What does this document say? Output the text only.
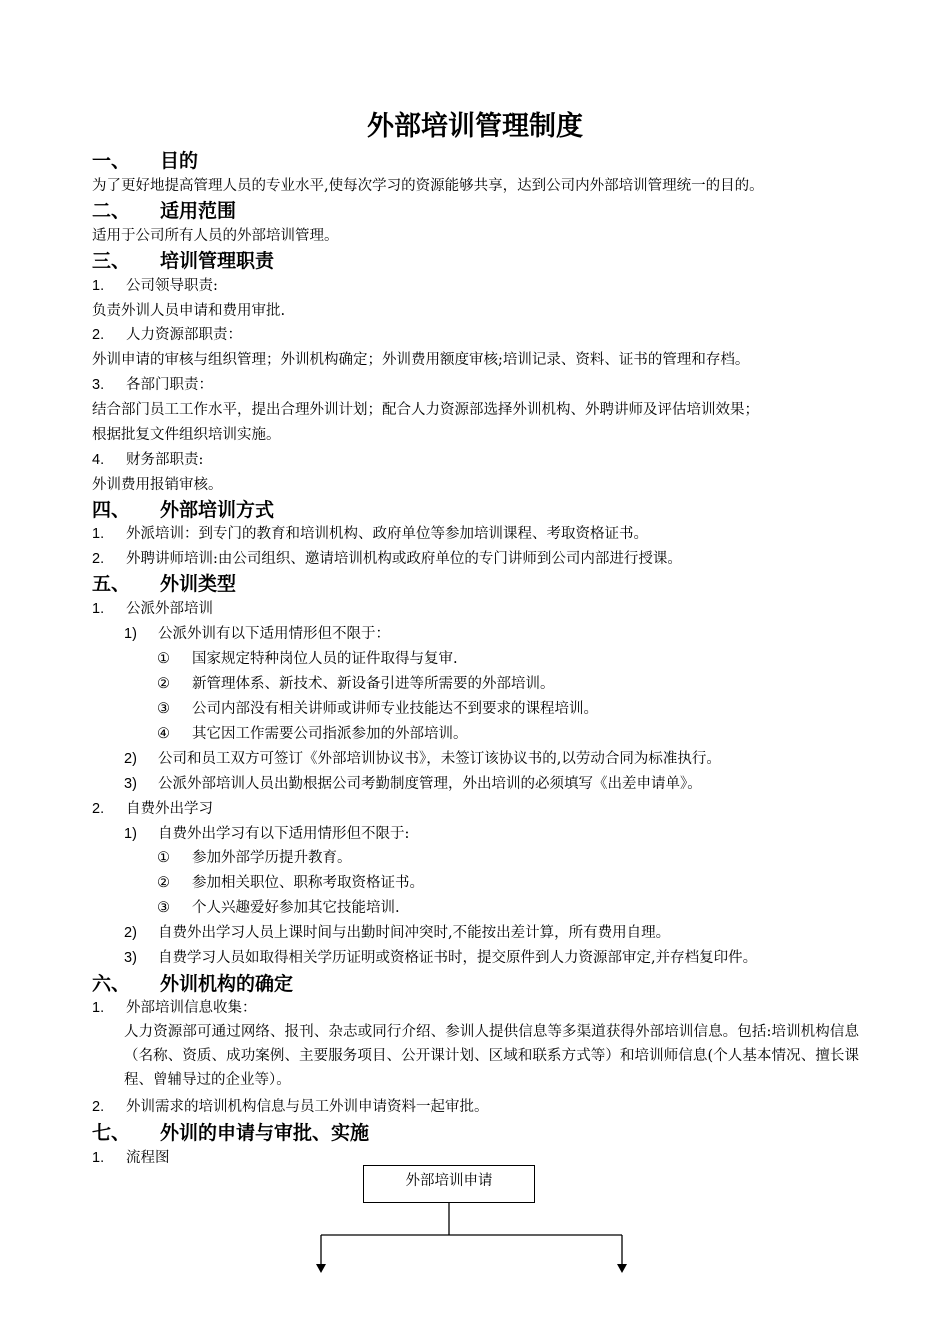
外部培训管理制度
一、 目的
为了更好地提高管理人员的专业水平,使每次学习的资源能够共享，达到公司内外部培训管理统一的目的。
二、 适用范围
适用于公司所有人员的外部培训管理。
三、 培训管理职责
1. 公司领导职责:
负责外训人员申请和费用审批.
2. 人力资源部职责：
外训申请的审核与组织管理；外训机构确定；外训费用额度审核;培训记录、资料、证书的管理和存档。
3. 各部门职责：
结合部门员工工作水平，提出合理外训计划；配合人力资源部选择外训机构、外聘讲师及评估培训效果；
根据批复文件组织培训实施。
4. 财务部职责:
外训费用报销审核。
四、 外部培训方式
1. 外派培训：到专门的教育和培训机构、政府单位等参加培训课程、考取资格证书。
2. 外聘讲师培训:由公司组织、邀请培训机构或政府单位的专门讲师到公司内部进行授课。
五、 外训类型
1. 公派外部培训
1) 公派外训有以下适用情形但不限于：
① 国家规定特种岗位人员的证件取得与复审.
② 新管理体系、新技术、新设备引进等所需要的外部培训。
③ 公司内部没有相关讲师或讲师专业技能达不到要求的课程培训。
④ 其它因工作需要公司指派参加的外部培训。
2) 公司和员工双方可签订《外部培训协议书》，未签订该协议书的,以劳动合同为标准执行。
3) 公派外部培训人员出勤根据公司考勤制度管理，外出培训的必须填写《出差申请单》。
2. 自费外出学习
1) 自费外出学习有以下适用情形但不限于:
① 参加外部学历提升教育。
② 参加相关职位、职称考取资格证书。
③ 个人兴趣爱好参加其它技能培训.
2) 自费外出学习人员上课时间与出勤时间冲突时,不能按出差计算，所有费用自理。
3) 自费学习人员如取得相关学历证明或资格证书时，提交原件到人力资源部审定,并存档复印件。
六、 外训机构的确定
1. 外部培训信息收集：
人力资源部可通过网络、报刊、杂志或同行介绍、参训人提供信息等多渠道获得外部培训信息。包括:培训机构信息（名称、资质、成功案例、主要服务项目、公开课计划、区域和联系方式等）和培训师信息(个人基本情况、擅长课程、曾辅导过的企业等）。
2. 外训需求的培训机构信息与员工外训申请资料一起审批。
七、 外训的申请与审批、实施
1. 流程图
外部培训申请
